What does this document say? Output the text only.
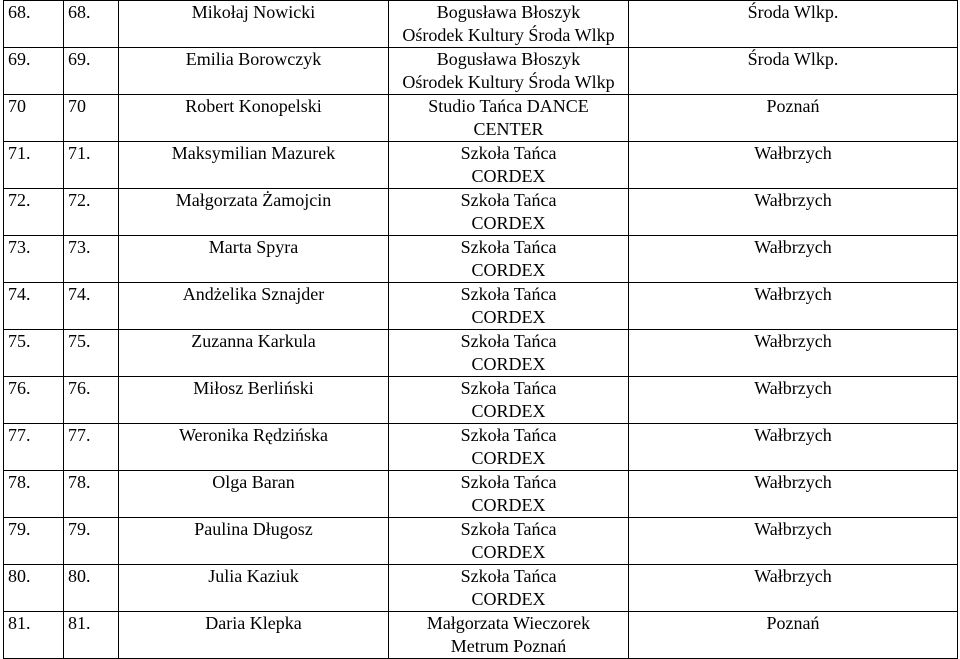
68.	68.	Mikołaj Nowicki	Bogusława Błoszyk
Ośrodek Kultury Środa Wlkp	Środa Wlkp.
69.	69.	Emilia Borowczyk	Bogusława Błoszyk
Ośrodek Kultury Środa Wlkp	Środa Wlkp.
70	70	Robert Konopelski	Studio Tańca DANCE
CENTER	Poznań
71.	71.	Maksymilian Mazurek	Szkoła Tańca
CORDEX	Wałbrzych
72.	72.	Małgorzata Żamojcin	Szkoła Tańca
CORDEX	Wałbrzych
73.	73.	Marta Spyra	Szkoła Tańca
CORDEX	Wałbrzych
74.	74.	Andżelika Sznajder	Szkoła Tańca
CORDEX	Wałbrzych
75.	75.	Zuzanna Karkula	Szkoła Tańca
CORDEX	Wałbrzych
76.	76.	Miłosz Berliński	Szkoła Tańca
CORDEX	Wałbrzych
77.	77.	Weronika Rędzińska	Szkoła Tańca
CORDEX	Wałbrzych
78.	78.	Olga Baran	Szkoła Tańca
CORDEX	Wałbrzych
79.	79.	Paulina Długosz	Szkoła Tańca
CORDEX	Wałbrzych
80.	80.	Julia Kaziuk	Szkoła Tańca
CORDEX	Wałbrzych
81.	81.	Daria Klepka	Małgorzata Wieczorek
Metrum Poznań	Poznań
